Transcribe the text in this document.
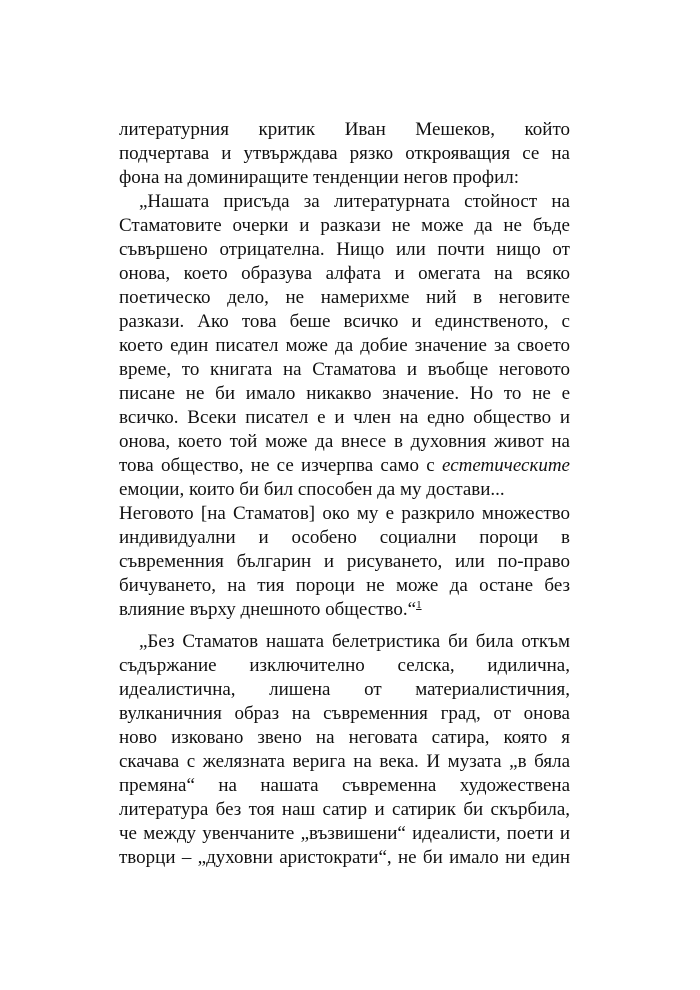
литературния критик Иван Мешеков, който
подчертава и утвърждава рязко открояващия се на
фона на доминиращите тенденции негов профил:
„Нашата присъда за литературната стойност на
Стаматовите очерки и разкази не може да не бъде
съвършено отрицателна. Нищо или почти нищо от
онова, което образува алфата и омегата на всяко
поетическо дело, не намерихме ний в неговите
разкази. Ако това беше всичко и единственото, с
което един писател може да добие значение за своето
време, то книгата на Стаматова и въобще неговото
писане не би имало никакво значение. Но то не е
всичко. Всеки писател е и член на едно общество и
онова, което той може да внесе в духовния живот на
това общество, не се изчерпва само с естетическите
емоции, които би бил способен да му достави...
Неговото [на Стаматов] око му е разкрило множество
индивидуални и особено социални пороци в
съвременния българин и рисуването, или по-право
бичуването, на тия пороци не може да остане без
влияние върху днешното общество.“$^1$
„Без Стаматов нашата белетристика би била откъм
съдържание изключително селска, идилична,
идеалистична, лишена от материалистичния,
вулканичния образ на съвременния град, от онова
ново изковано звено на неговата сатира, която я
скачава с желязната верига на века. И музата „в бяла
премяна“ на нашата съвременна художествена
литература без тоя наш сатир и сатирик би скърбила,
че между увенчаните „възвишени“ идеалисти, поети и
творци – „духовни аристократи“, не би имало ни един
